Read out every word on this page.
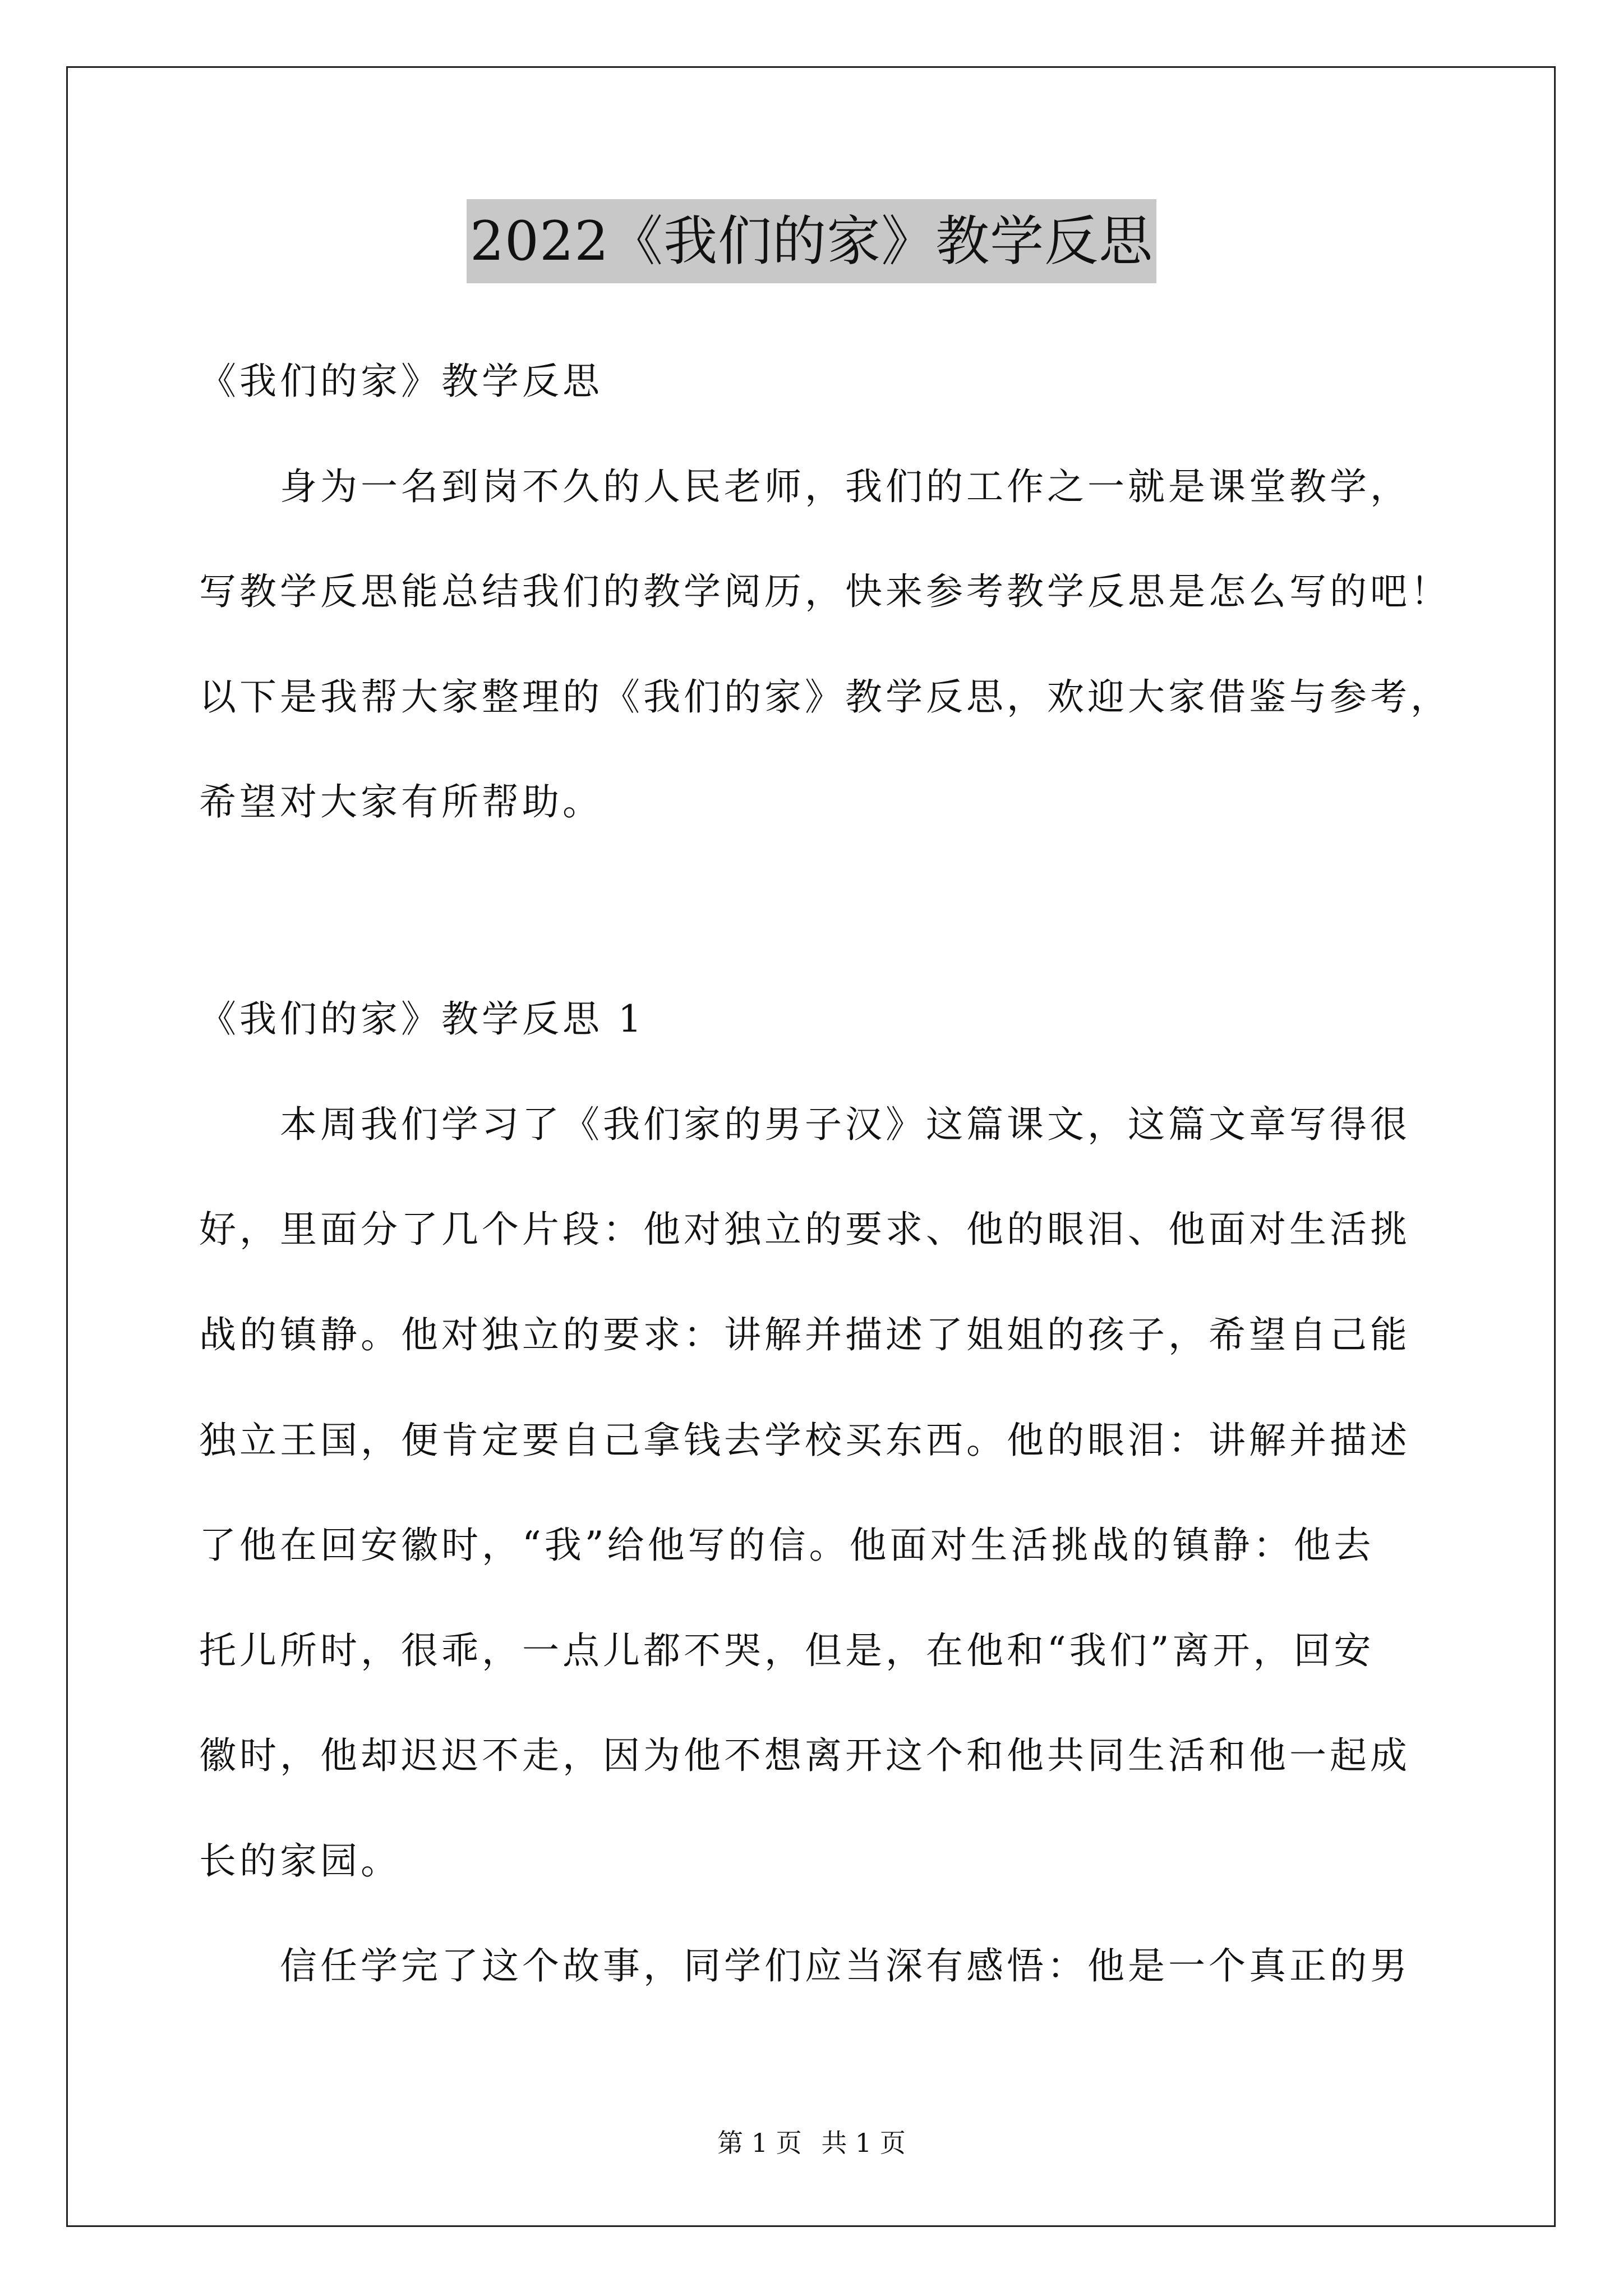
2022《我们的家》教学反思
《我们的家》教学反思
　　身为一名到岗不久的人民老师，我们的工作之一就是课堂教学，
写教学反思能总结我们的教学阅历，快来参考教学反思是怎么写的吧！
以下是我帮大家整理的《我们的家》教学反思，欢迎大家借鉴与参考，
希望对大家有所帮助。
《我们的家》教学反思 1
　　本周我们学习了《我们家的男子汉》这篇课文，这篇文章写得很
好，里面分了几个片段：他对独立的要求、他的眼泪、他面对生活挑
战的镇静。他对独立的要求：讲解并描述了姐姐的孩子，希望自己能
独立王国，便肯定要自己拿钱去学校买东西。他的眼泪：讲解并描述
了他在回安徽时，“我”给他写的信。他面对生活挑战的镇静：他去
托儿所时，很乖，一点儿都不哭，但是，在他和“我们”离开，回安
徽时，他却迟迟不走，因为他不想离开这个和他共同生活和他一起成
长的家园。
　　信任学完了这个故事，同学们应当深有感悟：他是一个真正的男
第 1 页 共 1 页
